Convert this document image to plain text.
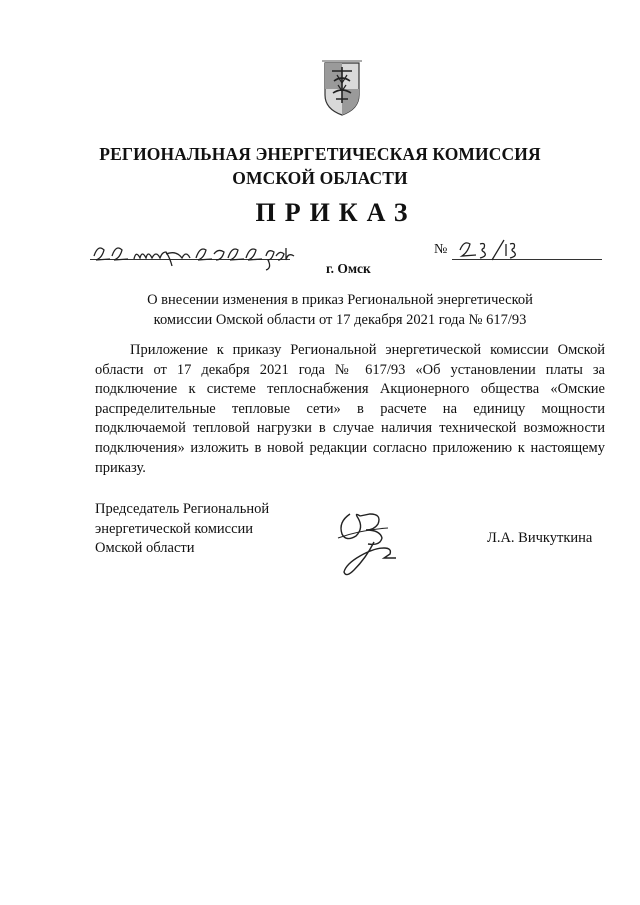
РЕГИОНАЛЬНАЯ ЭНЕРГЕТИЧЕСКАЯ КОМИССИЯ
ОМСКОЙ ОБЛАСТИ
ПРИКАЗ
22 марта 2022 года
№
23/13
г. Омск
О внесении изменения в приказ Региональной энергетической
комиссии Омской области от 17 декабря 2021 года № 617/93
Приложение к приказу Региональной энергетической комиссии Омской области от 17 декабря 2021 года № 617/93 «Об установлении платы за подключение к системе теплоснабжения Акционерного общества «Омские распределительные тепловые сети» в расчете на единицу мощности подключаемой тепловой нагрузки в случае наличия технической возможности подключения» изложить в новой редакции согласно приложению к настоящему приказу.
Председатель Региональной
энергетической комиссии
Омской области
Л.А. Вичкуткина
